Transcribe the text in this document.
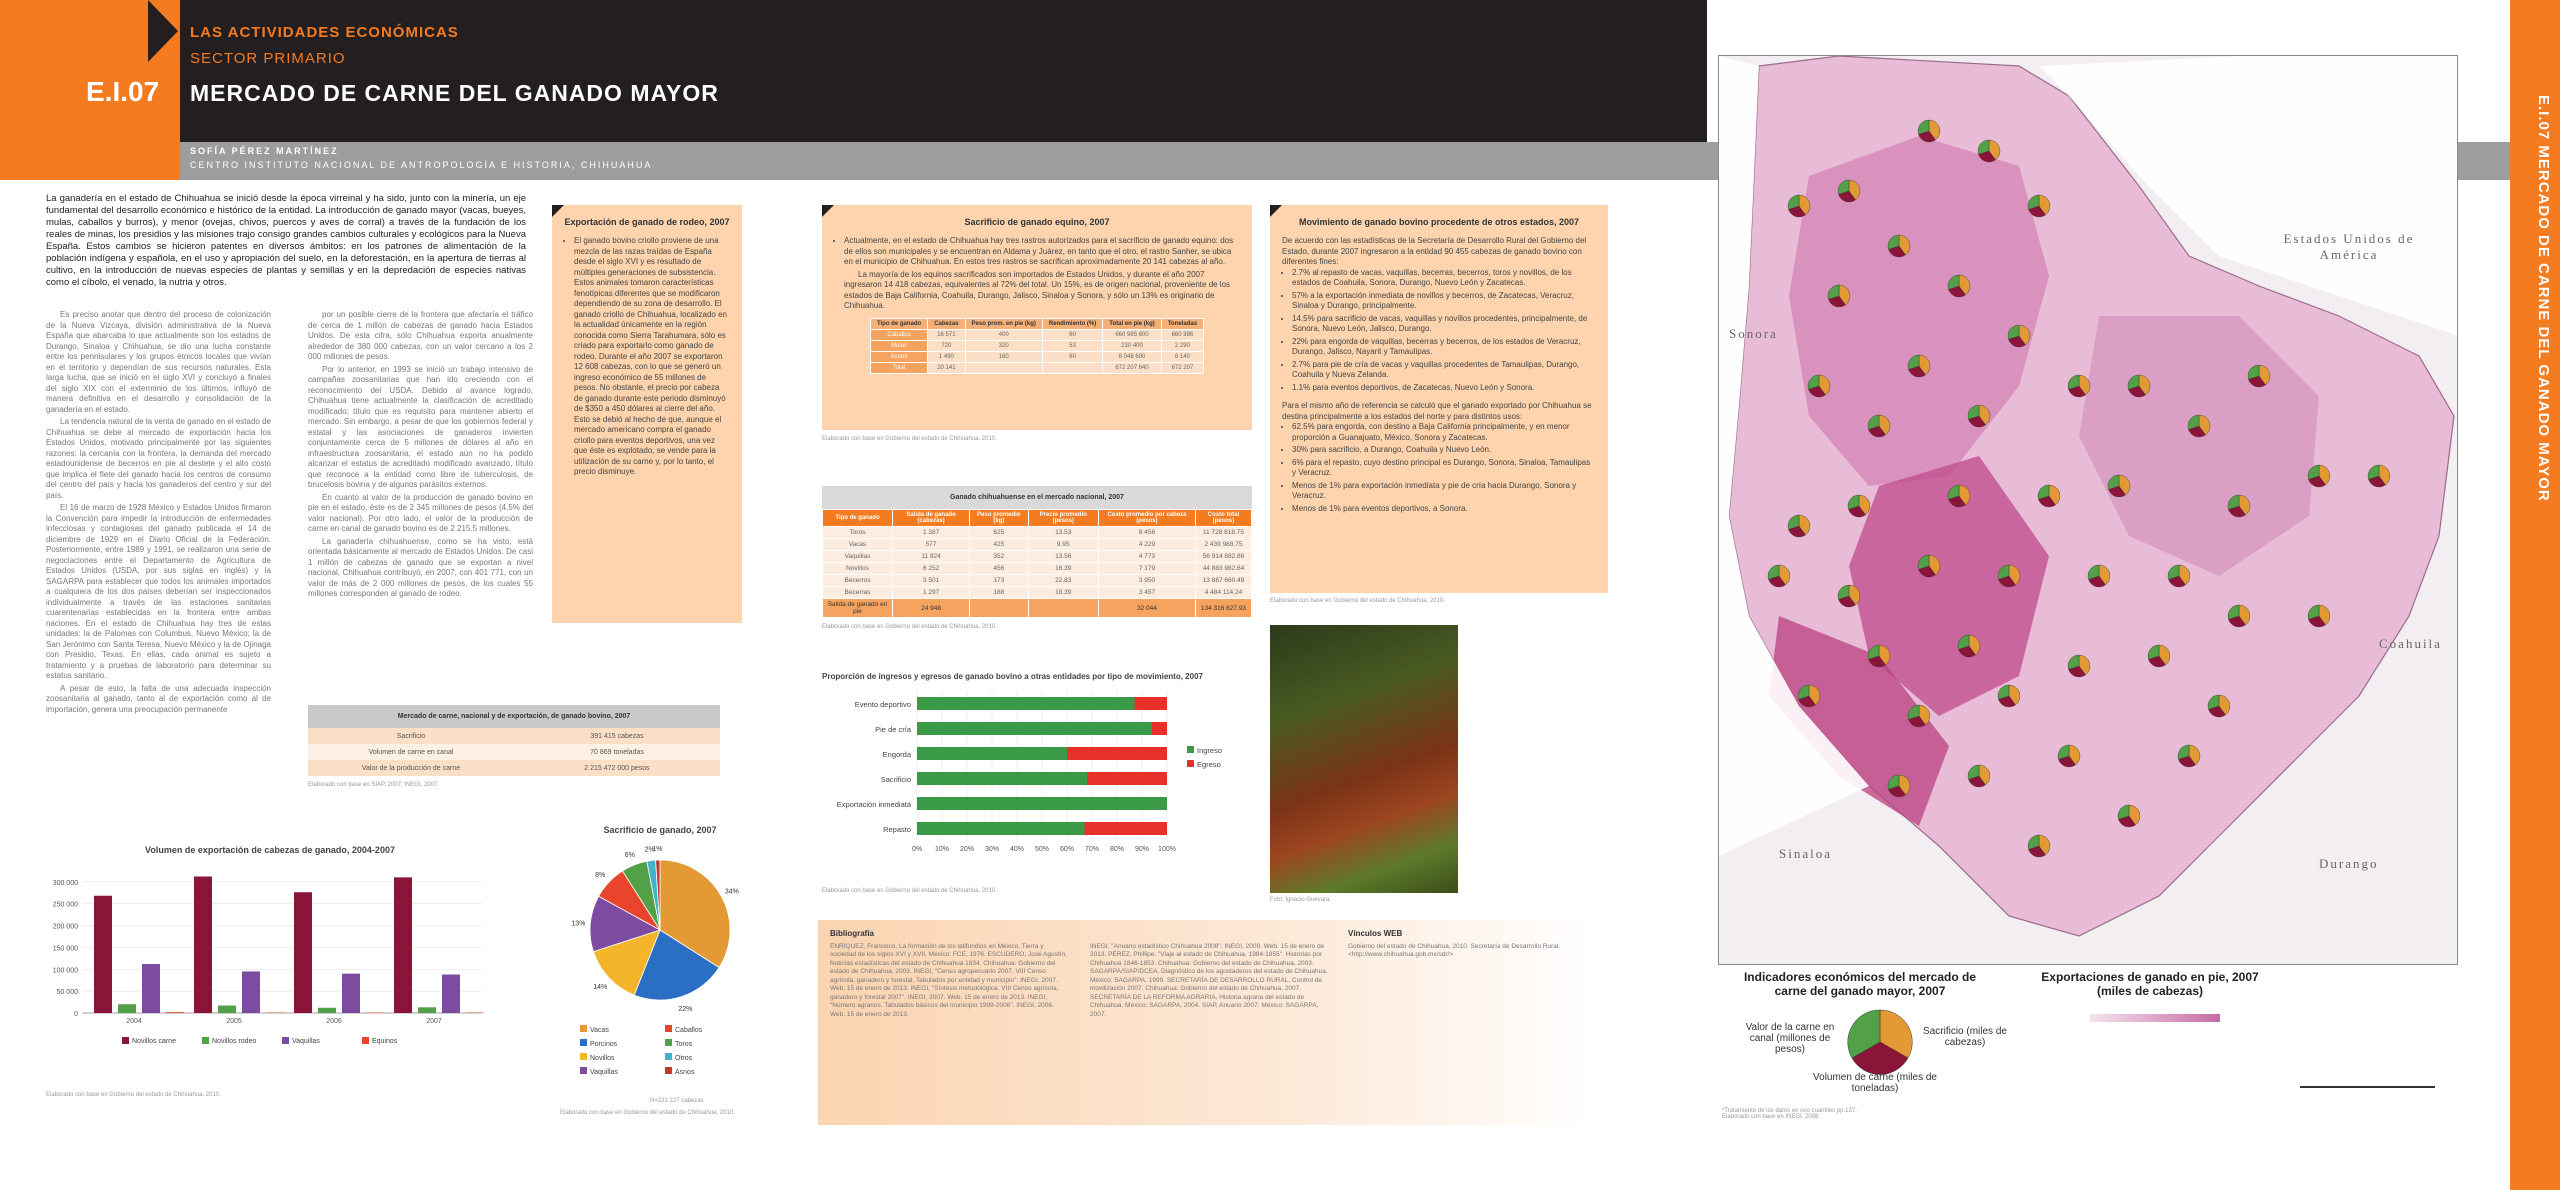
LAS ACTIVIDADES ECONÓMICAS
SECTOR PRIMARIO
E.I.07 MERCADO DE CARNE DEL GANADO MAYOR
SOFÍA PÉREZ MARTÍNEZ
CENTRO INSTITUTO NACIONAL DE ANTROPOLOGÍA E HISTORIA, CHIHUAHUA	E.I.07 MERCADO DE CARNE DEL GANADO MAYOR
La ganadería en el estado de Chihuahua se inició desde la época virreinal y ha sido, junto con la minería, un eje fundamental del desarrollo económico e histórico de la entidad. La introducción de ganado mayor (vacas, bueyes, mulas, caballos y burros), y menor (ovejas, chivos, puercos y aves de corral) a través de la fundación de los reales de minas, los presidios y las misiones trajo consigo grandes cambios culturales y ecológicos para la Nueva España. Estos cambios se hicieron patentes en diversos ámbitos: en los patrones de alimentación de la población indígena y española, en el uso y apropiación del suelo, en la deforestación, en la apertura de tierras al cultivo, en la introducción de nuevas especies de plantas y semillas y en la depredación de especies nativas como el cíbolo, el venado, la nutria y otros.

Es preciso anotar que dentro del proceso de colonización de la Nueva Vizcaya, división administrativa de la Nueva España que abarcaba lo que actualmente son los estados de Durango, Sinaloa y Chihuahua, se dio una lucha constante entre los pennisulares y los grupos étnicos locales que vivían en el territorio y dependían de sus recursos naturales. Esta larga lucha, que se inició en el siglo XVI y concluyó a finales del siglo XIX con el exterminio de los últimos, influyó de manera definitiva en el desarrollo y consolidación de la ganadería en el estado.

La tendencia natural de la venta de ganado en el estado de Chihuahua se debe al mercado de exportación hacia los Estados Unidos, motivado principalmente por las siguientes razones: la cercanía con la frontera, la demanda del mercado estadounidense de becerros en pie al destete y el alto costo que implica el flete del ganado hacia los centros de consumo del centro del país y hacia los ganaderos del centro y sur del país.

El 16 de marzo de 1928 México y Estados Unidos firmaron la Convención para impedir la introducción de enfermedades infecciosas y contagiosas del ganado publicada el 14 de diciembre de 1929 en el Diario Oficial de la Federación. Posteriormente, entre 1989 y 1991, se realizaron una serie de negociaciones entre el Departamento de Agricultura de Estados Unidos (USDA, por sus siglas en inglés) y la SAGARPA para establecer que todos los animales importados a cualquiera de los dos países deberían ser inspeccionados individualmente a través de las estaciones sanitarias cuarentenarias establecidas en la frontera entre ambas naciones. En el estado de Chihuahua hay tres de estas unidades: la de Palomas con Columbus, Nuevo México; la de San Jerónimo con Santa Teresa, Nuevo México y la de Ojinaga con Presidio, Texas. En ellas, cada animal es sujeto a tratamiento y a pruebas de laboratorio para determinar su estatus sanitario.

A pesar de esto, la falta de una adecuada inspección zoosanitaria al ganado, tanto al de exportación como al de importación, genera una preocupación permanente

por un posible cierre de la frontera que afectaría el tráfico de cerca de 1 millón de cabezas de ganado hacia Estados Unidos. De esta cifra, sólo Chihuahua exporta anualmente alrededor de 380 000 cabezas, con un valor cercano a los 2 000 millones de pesos.

Por lo anterior, en 1993 se inició un trabajo intensivo de campañas zoosanitarias que han ido creciendo con el reconocimiento del USDA. Debido al avance logrado, Chihuahua tiene actualmente la clasificación de acreditado modificado; título que es requisito para mantener abierto el mercado. Sin embargo, a pesar de que los gobiernos federal y estatal y las asociaciones de ganaderos invierten conjuntamente cerca de 5 millones de dólares al año en infraestructura zoosanitaria, el estado aún no ha podido alcanzar el estatus de acreditado modificado avanzado, título que reconoce a la entidad como libre de tuberculosis, de brucelosis bovina y de algunos parásitos externos.

En cuanto al valor de la producción de ganado bovino en pie en el estado, éste es de 2 345 millones de pesos (4.5% del valor nacional). Por otro lado, el valor de la producción de carne en canal de ganado bovino es de 2 215.5 millones.

La ganadería chihuahuense, como se ha visto, está orientada básicamente al mercado de Estados Unidos. De casi 1 millón de cabezas de ganado que se exportan a nivel nacional, Chihuahua contribuyó, en 2007, con 401 771, con un valor de más de 2 000 millones de pesos, de los cuales 55 millones corresponden al ganado de rodeo.

Mercado de carne, nacional y de exportación, de ganado bovino, 2007
Sacrificio	391 415 cabezas
Volumen de carne en canal	70 869 toneladas
Valor de la producción de carne	2 215 472 000 pesos
Elaborado con base en SIAP, 2007; INEGI, 2007.
Exportación de ganado de rodeo, 2007
• El ganado bovino criollo proviene de una mezcla de las razas traídas de España desde el siglo XVI y es resultado de múltiples generaciones de subsistencia. Estos animales tomaron características fenotípicas diferentes que se modificaron dependiendo de su zona de desarrollo. El ganado criollo de Chihuahua, localizado en la actualidad únicamente en la región conocida como Sierra Tarahumara, sólo es criado para exportarlo como ganado de rodeo. Durante el año 2007 se exportaron 12 608 cabezas, con lo que se generó un ingreso económico de 55 millones de pesos. No obstante, el precio por cabeza de ganado durante este periodo disminuyó de $350 a 450 dólares al cierre del año. Esto se debió al hecho de que, aunque el mercado americano compra el ganado criollo para eventos deportivos, una vez que éste es explotado, se vende para la utilización de su carne y, por lo tanto, el precio disminuye.
Sacrificio de ganado equino, 2007
• Actualmente, en el estado de Chihuahua hay tres rastros autorizados para el sacrificio de ganado equino: dos de ellos son municipales y se encuentran en Aldama y Juárez, en tanto que el otro, el rastro Sanher, se ubica en el municipio de Chihuahua. En estos tres rastros se sacrifican aproximadamente 20 141 cabezas al año.
La mayoría de los equinos sacrificados son importados de Estados Unidos, y durante el año 2007 ingresaron 14 418 cabezas, equivalentes al 72% del total. Un 15%, es de origen nacional, proveniente de los estados de Baja California, Coahuila, Durango, Jalisco, Sinaloa y Sonora, y sólo un 13% es originario de Chihuahua.
Tipo de ganado	Cabezas	Peso prom. en pie (kg)	Rendimiento (%)	Total en pie (kg)	Toneladas
Caballos	16 571	400	60	660 985 600	660 986
Mulas	720	320	53	230 400	2 290
Asnos	1 490	160	60	6 048 600	6 140
Total	20 141			672 207 640	672 207
Elaborado con base en Gobierno del estado de Chihuahua, 2010.
Ganado chihuahuense en el mercado nacional, 2007
Tipo de ganado	Salida de ganado (cabezas)	Peso promedio (kg)	Precio promedio (pesos)	Costo promedio por cabeza (pesos)	Costo total (pesos)
Toros	1 387	625	13.53	8 456	11 728 818.75
Vacas	577	425	9.95	4 229	2 439 988.75
Vaquillas	11 924	352	13.56	4 773	56 914 682.88
Novillos	6 252	456	16.39	7 179	44 883 982.64
Becerros	3 501	173	22.83	3 950	13 867 660.49
Becerras	1 297	188	18.39	3 457	4 484 114.24
Salida de ganado en pie	24 948			32 044	134 316 627.93
Elaborado con base en Gobierno del estado de Chihuahua, 2010.
Movimiento de ganado bovino procedente de otros estados, 2007
De acuerdo con las estadísticas de la Secretaría de Desarrollo Rural del Gobierno del Estado, durante 2007 ingresaron a la entidad 90 455 cabezas de ganado bovino con diferentes fines:
• 2.7% al repasto de vacas, vaquillas, becerras, becerros, toros y novillos, de los estados de Coahuila, Sonora, Durango, Nuevo León y Zacatecas.
• 57% a la exportación inmediata de novillos y becerros, de Zacatecas, Veracruz, Sinaloa y Durango, principalmente.
• 14.5% para sacrificio de vacas, vaquillas y novillos procedentes, principalmente, de Sonora, Nuevo León, Jalisco, Durango.
• 22% para engorda de vaquillas, becerras y becerros, de los estados de Veracruz, Durango, Jalisco, Nayarit y Tamaulipas.
• 2.7% para pie de cría de vacas y vaquillas procedentes de Tamaulipas, Durango, Coahuila y Nueva Zelanda.
• 1.1% para eventos deportivos, de Zacatecas, Nuevo León y Sonora.
Para el mismo año de referencia se calculó que el ganado exportado por Chihuahua se destina principalmente a los estados del norte y para distintos usos:
• 62.5% para engorda, con destino a Baja California principalmente, y en menor proporción a Guanajuato, México, Sonora y Zacatecas.
• 30% para sacrificio, a Durango, Coahuila y Nuevo León.
• 6% para el repasto, cuyo destino principal es Durango, Sonora, Sinaloa, Tamaulipas y Veracruz.
• Menos de 1% para exportación inmediata y pie de cría hacia Durango, Sonora y Veracruz.
• Menos de 1% para eventos deportivos, a Sonora.
Elaborado con base en Gobierno del estado de Chihuahua, 2010.
Foto: Ignacio Guevara.
Volumen de exportación de cabezas de ganado, 2004-2007
0
50 000
100 000
150 000
200 000
250 000
300 000
2004	2005	2006	2007
Novillos carne	Novillos rodeo	Vaquillas	Equinos
Elaborado con base en Gobierno del estado de Chihuahua, 2010.
Sacrificio de ganado, 2007
34%
22%
14%
13%
8%
6%
2%
1%
Vacas
Porcinos
Novillos
Vaquillas
Caballos
Toros
Otros
Asnos
N=221 227 cabezas
Elaborado con base en Gobierno del estado de Chihuahua, 2010.
Proporción de ingresos y egresos de ganado bovino a otras entidades por tipo de movimiento, 2007
0% 10% 20% 30% 40% 50% 60% 70% 80% 90% 100%
Evento deportivo
Pie de cría
Engorda
Sacrificio
Exportación inmediata
Repasto
Ingreso
Egreso
Elaborado con base en Gobierno del estado de Chihuahua, 2010.
Bibliografía
ENRÍQUEZ, Francisco, La formación de los latifundios en México. Tierra y sociedad de los siglos XVI y XVII, México: FCE, 1976. ESCUDERO, José Agustín, Noticias estadísticas del estado de Chihuahua 1834. Chihuahua: Gobierno del estado de Chihuahua, 2003. INEGI, "Censo agropecuario 2007. VIII Censo agrícola, ganadero y forestal. Tabulados por entidad y municipio". INEGI, 2007. Web. 15 de enero de 2013. INEGI, "Síntesis metodológica. VIII Censo agrícola, ganadero y forestal 2007". INEGI, 2007. Web. 15 de enero de 2013. INEGI, "Número agrarios. Tabulados básicos del municipio 1999-2006". INEGI, 2006. Web. 15 de enero de 2013.
INEGI, "Anuario estadístico Chihuahua 2008". INEGI, 2009. Web. 15 de enero de 2013. PÉREZ, Phillipe. "Viaje al estado de Chihuahua, 1984-1855". Historias por Chihuahua 1846-1853. Chihuahua: Gobierno del estado de Chihuahua, 2003. SAGARPA/SIAP/DCEA, Diagnóstico de los agostaderos del estado de Chihuahua. México: SAGARPA, 1999. SECRETARÍA DE DESARROLLO RURAL, Control de movilización 2007. Chihuahua: Gobierno del estado de Chihuahua, 2007. SECRETARÍA DE LA REFORMA AGRARIA, Historia agraria del estado de Chihuahua. México: SAGARPA, 2004. SIAP, Anuario 2007. México: SAGARPA, 2007.
Vínculos WEB
Gobierno del estado de Chihuahua, 2010. Secretaría de Desarrollo Rural. <http://www.chihuahua.gob.mx/sdr/>
Estados Unidos de América
Sonora
Sinaloa
Durango
Coahuila
Indicadores económicos del mercado de carne del ganado mayor, 2007
Exportaciones de ganado en pie, 2007 (miles de cabezas)
Valor de la carne en canal (millones de pesos)
Sacrificio (miles de cabezas)
Volumen de carne (miles de toneladas)
*Tratamiento de los datos en ceo cuantiles pp.137.
Elaborado con base en INEGI, 2008.
